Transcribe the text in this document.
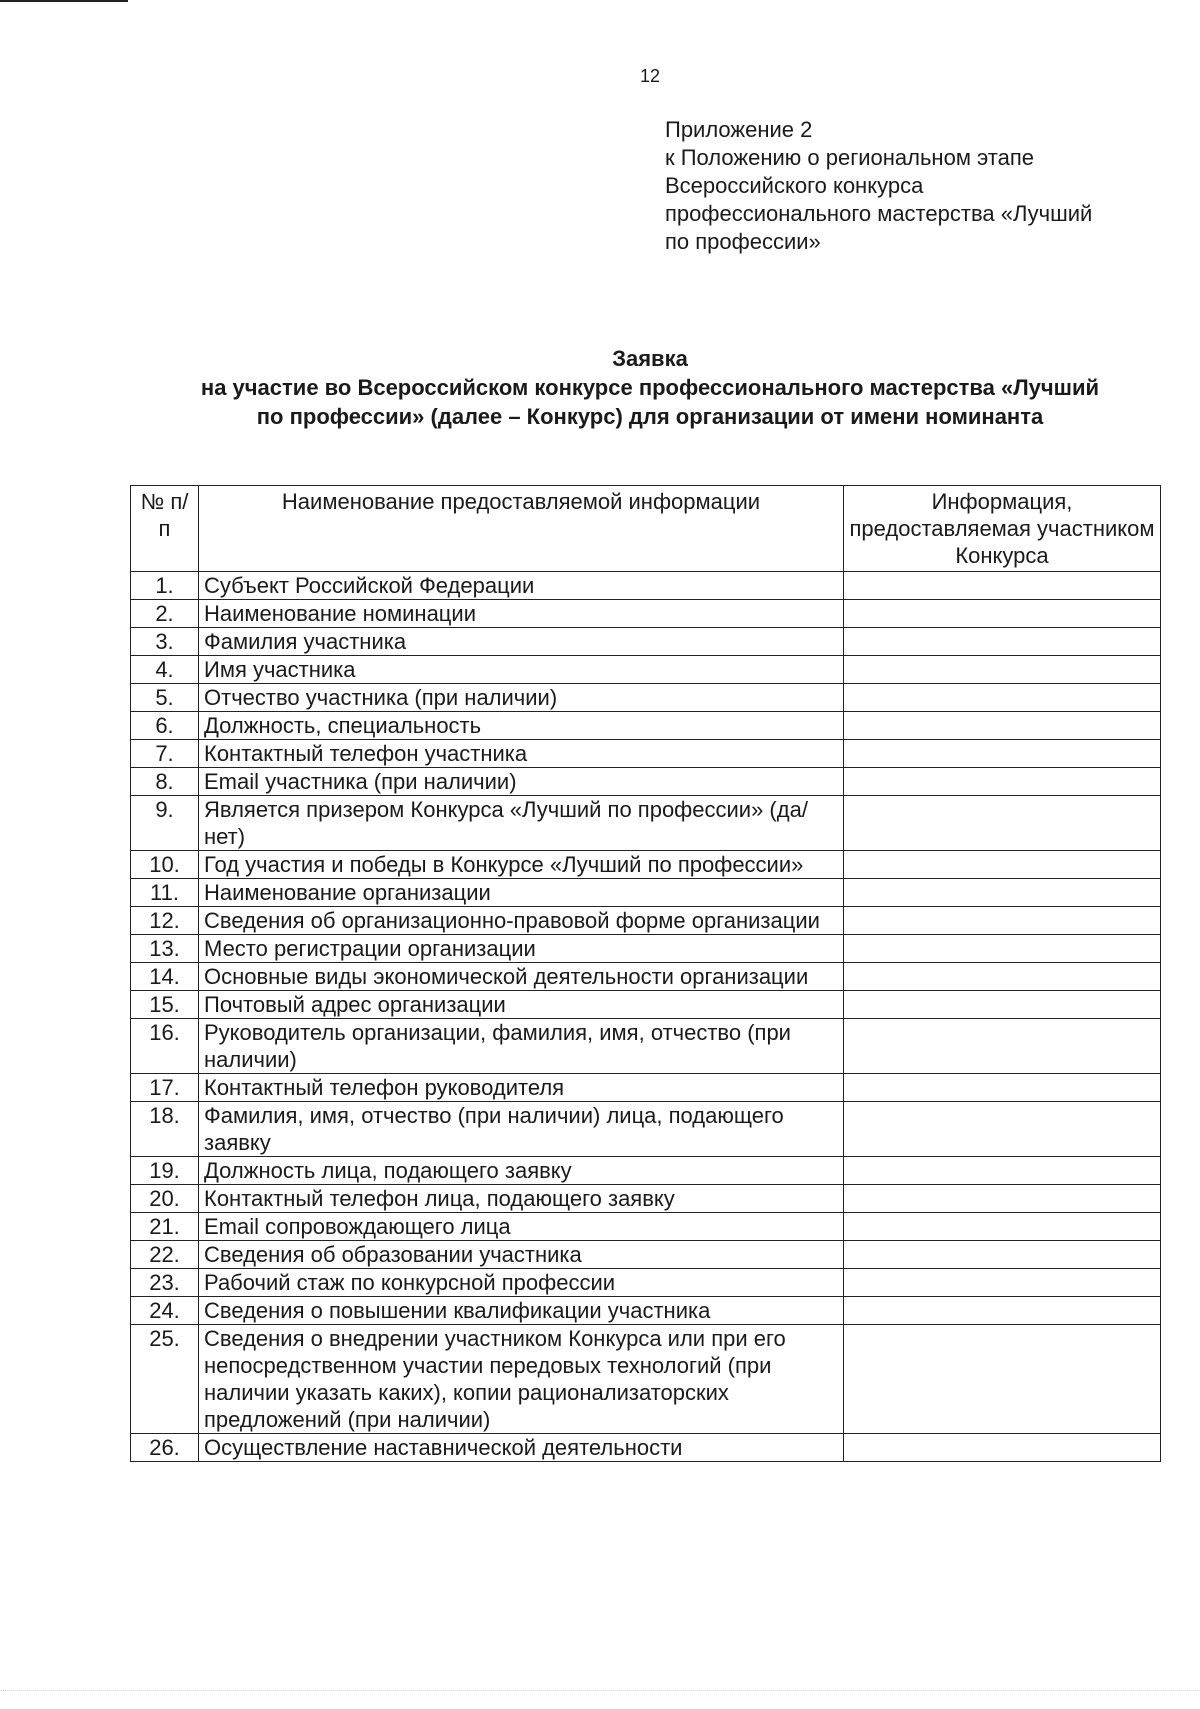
12
Приложение 2
к Положению о региональном этапе
Всероссийского конкурса
профессионального мастерства «Лучший
по профессии»
Заявка
на участие во Всероссийском конкурсе профессионального мастерства «Лучший
по профессии» (далее – Конкурс) для организации от имени номинанта
№ п/п	Наименование предоставляемой информации	Информация, предоставляемая участником Конкурса
1.	Субъект Российской Федерации	
2.	Наименование номинации	
3.	Фамилия участника	
4.	Имя участника	
5.	Отчество участника (при наличии)	
6.	Должность, специальность	
7.	Контактный телефон участника	
8.	Email участника (при наличии)	
9.	Является призером Конкурса «Лучший по профессии» (да/нет)	
10.	Год участия и победы в Конкурсе «Лучший по профессии»	
11.	Наименование организации	
12.	Сведения об организационно-правовой форме организации	
13.	Место регистрации организации	
14.	Основные виды экономической деятельности организации	
15.	Почтовый адрес организации	
16.	Руководитель организации, фамилия, имя, отчество (при наличии)	
17.	Контактный телефон руководителя	
18.	Фамилия, имя, отчество (при наличии) лица, подающего заявку	
19.	Должность лица, подающего заявку	
20.	Контактный телефон лица, подающего заявку	
21.	Email сопровождающего лица	
22.	Сведения об образовании участника	
23.	Рабочий стаж по конкурсной профессии	
24.	Сведения о повышении квалификации участника	
25.	Сведения о внедрении участником Конкурса или при его непосредственном участии передовых технологий (при наличии указать каких), копии рационализаторских предложений (при наличии)	
26.	Осуществление наставнической деятельности	
